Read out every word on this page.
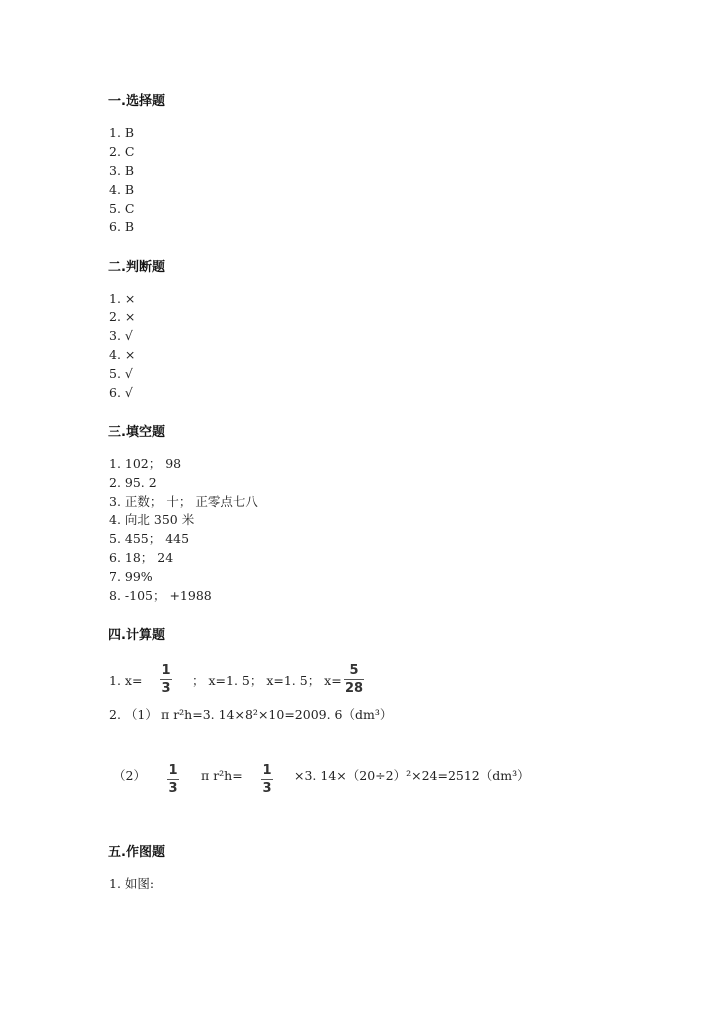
一.选择题
1. B
2. C
3. B
4. B
5. C
6. B
二.判断题
1. ×
2. ×
3. √
4. ×
5. √
6. √
三.填空题
1. 102； 98
2. 95. 2
3. 正数； 十； 正零点七八
4. 向北 350 米
5. 455； 445
6. 18； 24
7. 99%
8. -105； +1988
四.计算题
1. x=
1
3
； x=1. 5； x=1. 5； x=
5
28
2. （1） π r²h=3. 14×8²×10=2009. 6（dm³）
（2） 1
3
π r²h= 1
3
×3. 14×（20÷2）²×24=2512（dm³）
五.作图题
1. 如图:
